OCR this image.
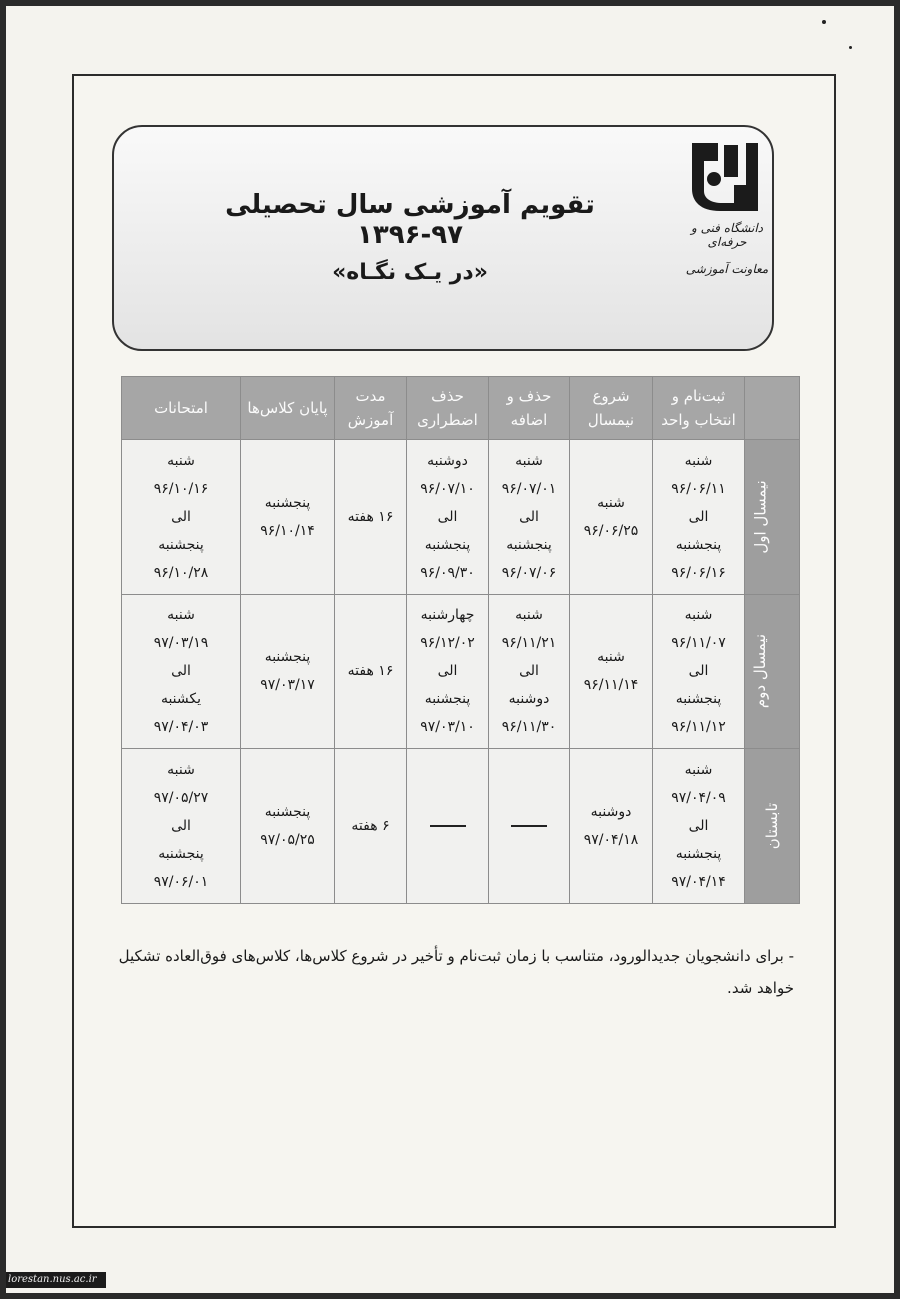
دانشگاه فنی و حرفه‌ای
معاونت آموزشی
تقویم آموزشی سال تحصیلی ۹۷-۱۳۹۶
«در یـک نگـاه»
	ثبت‌نام و انتخاب واحد	شروع نیمسال	حذف و اضافه	حذف اضطراری	مدت آموزش	پایان کلاس‌ها	امتحانات
نیمسال اول	شنبه
۹۶/۰۶/۱۱
الی
پنجشنبه
۹۶/۰۶/۱۶	شنبه
۹۶/۰۶/۲۵	شنبه
۹۶/۰۷/۰۱
الی
پنجشنبه
۹۶/۰۷/۰۶	دوشنبه
۹۶/۰۷/۱۰
الی
پنجشنبه
۹۶/۰۹/۳۰	۱۶ هفته	پنجشنبه
۹۶/۱۰/۱۴	شنبه
۹۶/۱۰/۱۶
الی
پنجشنبه
۹۶/۱۰/۲۸
نیمسال دوم	شنبه
۹۶/۱۱/۰۷
الی
پنجشنبه
۹۶/۱۱/۱۲	شنبه
۹۶/۱۱/۱۴	شنبه
۹۶/۱۱/۲۱
الی
دوشنبه
۹۶/۱۱/۳۰	چهارشنبه
۹۶/۱۲/۰۲
الی
پنجشنبه
۹۷/۰۳/۱۰	۱۶ هفته	پنجشنبه
۹۷/۰۳/۱۷	شنبه
۹۷/۰۳/۱۹
الی
یکشنبه
۹۷/۰۴/۰۳
تابستان	شنبه
۹۷/۰۴/۰۹
الی
پنجشنبه
۹۷/۰۴/۱۴	دوشنبه
۹۷/۰۴/۱۸			۶ هفته	پنجشنبه
۹۷/۰۵/۲۵	شنبه
۹۷/۰۵/۲۷
الی
پنجشنبه
۹۷/۰۶/۰۱
- برای دانشجویان جدیدالورود، متناسب با زمان ثبت‌نام و تأخیر در شروع کلاس‌ها، کلاس‌های فوق‌العاده تشکیل خواهد شد.
lorestan.nus.ac.ir
